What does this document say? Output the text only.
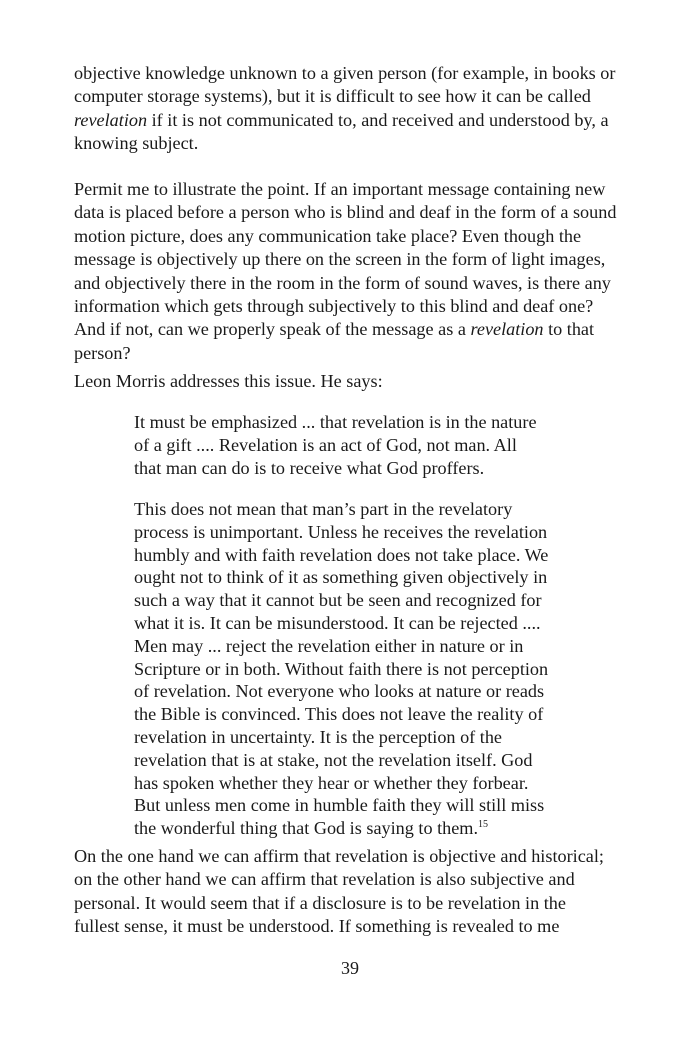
objective knowledge unknown to a given person (for example, in books or
computer storage systems), but it is difficult to see how it can be called
revelation if it is not communicated to, and received and understood by, a
knowing subject.
Permit me to illustrate the point. If an important message containing new
data is placed before a person who is blind and deaf in the form of a sound
motion picture, does any communication take place? Even though the
message is objectively up there on the screen in the form of light images,
and objectively there in the room in the form of sound waves, is there any
information which gets through subjectively to this blind and deaf one?
And if not, can we properly speak of the message as a revelation to that
person?
Leon Morris addresses this issue. He says:
It must be emphasized ... that revelation is in the nature
of a gift .... Revelation is an act of God, not man. All
that man can do is to receive what God proffers.
This does not mean that man’s part in the revelatory
process is unimportant. Unless he receives the revelation
humbly and with faith revelation does not take place. We
ought not to think of it as something given objectively in
such a way that it cannot but be seen and recognized for
what it is. It can be misunderstood. It can be rejected ....
Men may ... reject the revelation either in nature or in
Scripture or in both. Without faith there is not perception
of revelation. Not everyone who looks at nature or reads
the Bible is convinced. This does not leave the reality of
revelation in uncertainty. It is the perception of the
revelation that is at stake, not the revelation itself. God
has spoken whether they hear or whether they forbear.
But unless men come in humble faith they will still miss
the wonderful thing that God is saying to them.$^{15}$
On the one hand we can affirm that revelation is objective and historical;
on the other hand we can affirm that revelation is also subjective and
personal. It would seem that if a disclosure is to be revelation in the
fullest sense, it must be understood. If something is revealed to me
39
